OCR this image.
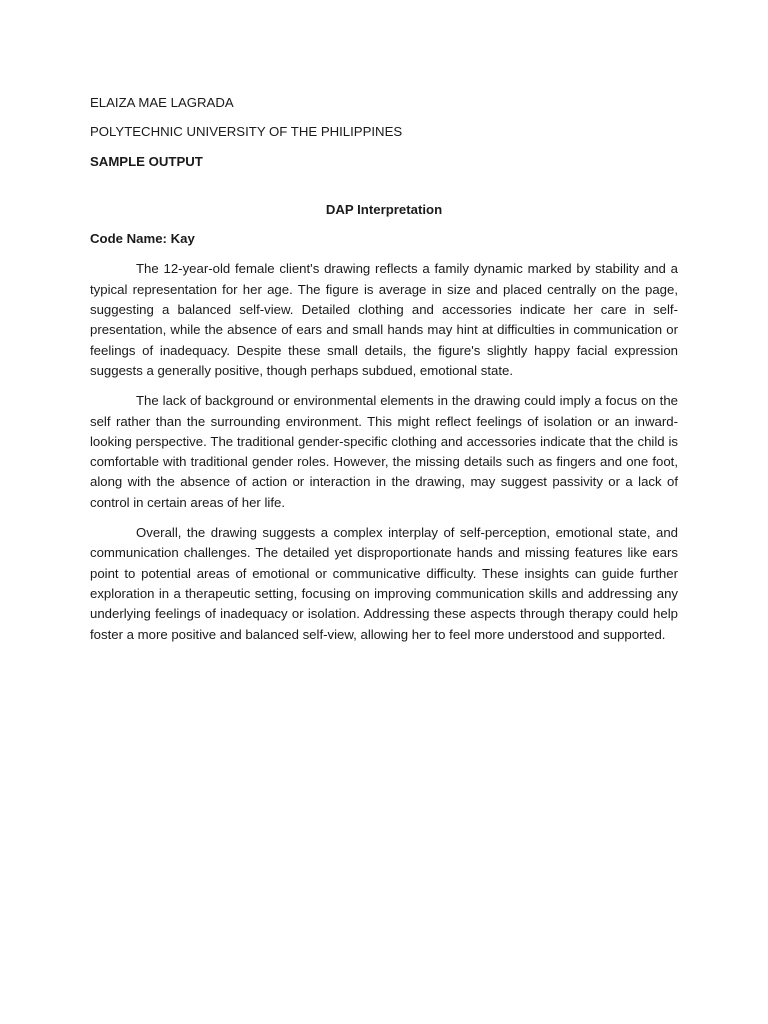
ELAIZA MAE LAGRADA

POLYTECHNIC UNIVERSITY OF THE PHILIPPINES

SAMPLE OUTPUT

DAP Interpretation

Code Name: Kay

The 12-year-old female client's drawing reflects a family dynamic marked by stability and a typical representation for her age. The figure is average in size and placed centrally on the page, suggesting a balanced self-view. Detailed clothing and accessories indicate her care in self-presentation, while the absence of ears and small hands may hint at difficulties in communication or feelings of inadequacy. Despite these small details, the figure's slightly happy facial expression suggests a generally positive, though perhaps subdued, emotional state.

The lack of background or environmental elements in the drawing could imply a focus on the self rather than the surrounding environment. This might reflect feelings of isolation or an inward-looking perspective. The traditional gender-specific clothing and accessories indicate that the child is comfortable with traditional gender roles. However, the missing details such as fingers and one foot, along with the absence of action or interaction in the drawing, may suggest passivity or a lack of control in certain areas of her life.

Overall, the drawing suggests a complex interplay of self-perception, emotional state, and communication challenges. The detailed yet disproportionate hands and missing features like ears point to potential areas of emotional or communicative difficulty. These insights can guide further exploration in a therapeutic setting, focusing on improving communication skills and addressing any underlying feelings of inadequacy or isolation. Addressing these aspects through therapy could help foster a more positive and balanced self-view, allowing her to feel more understood and supported.
